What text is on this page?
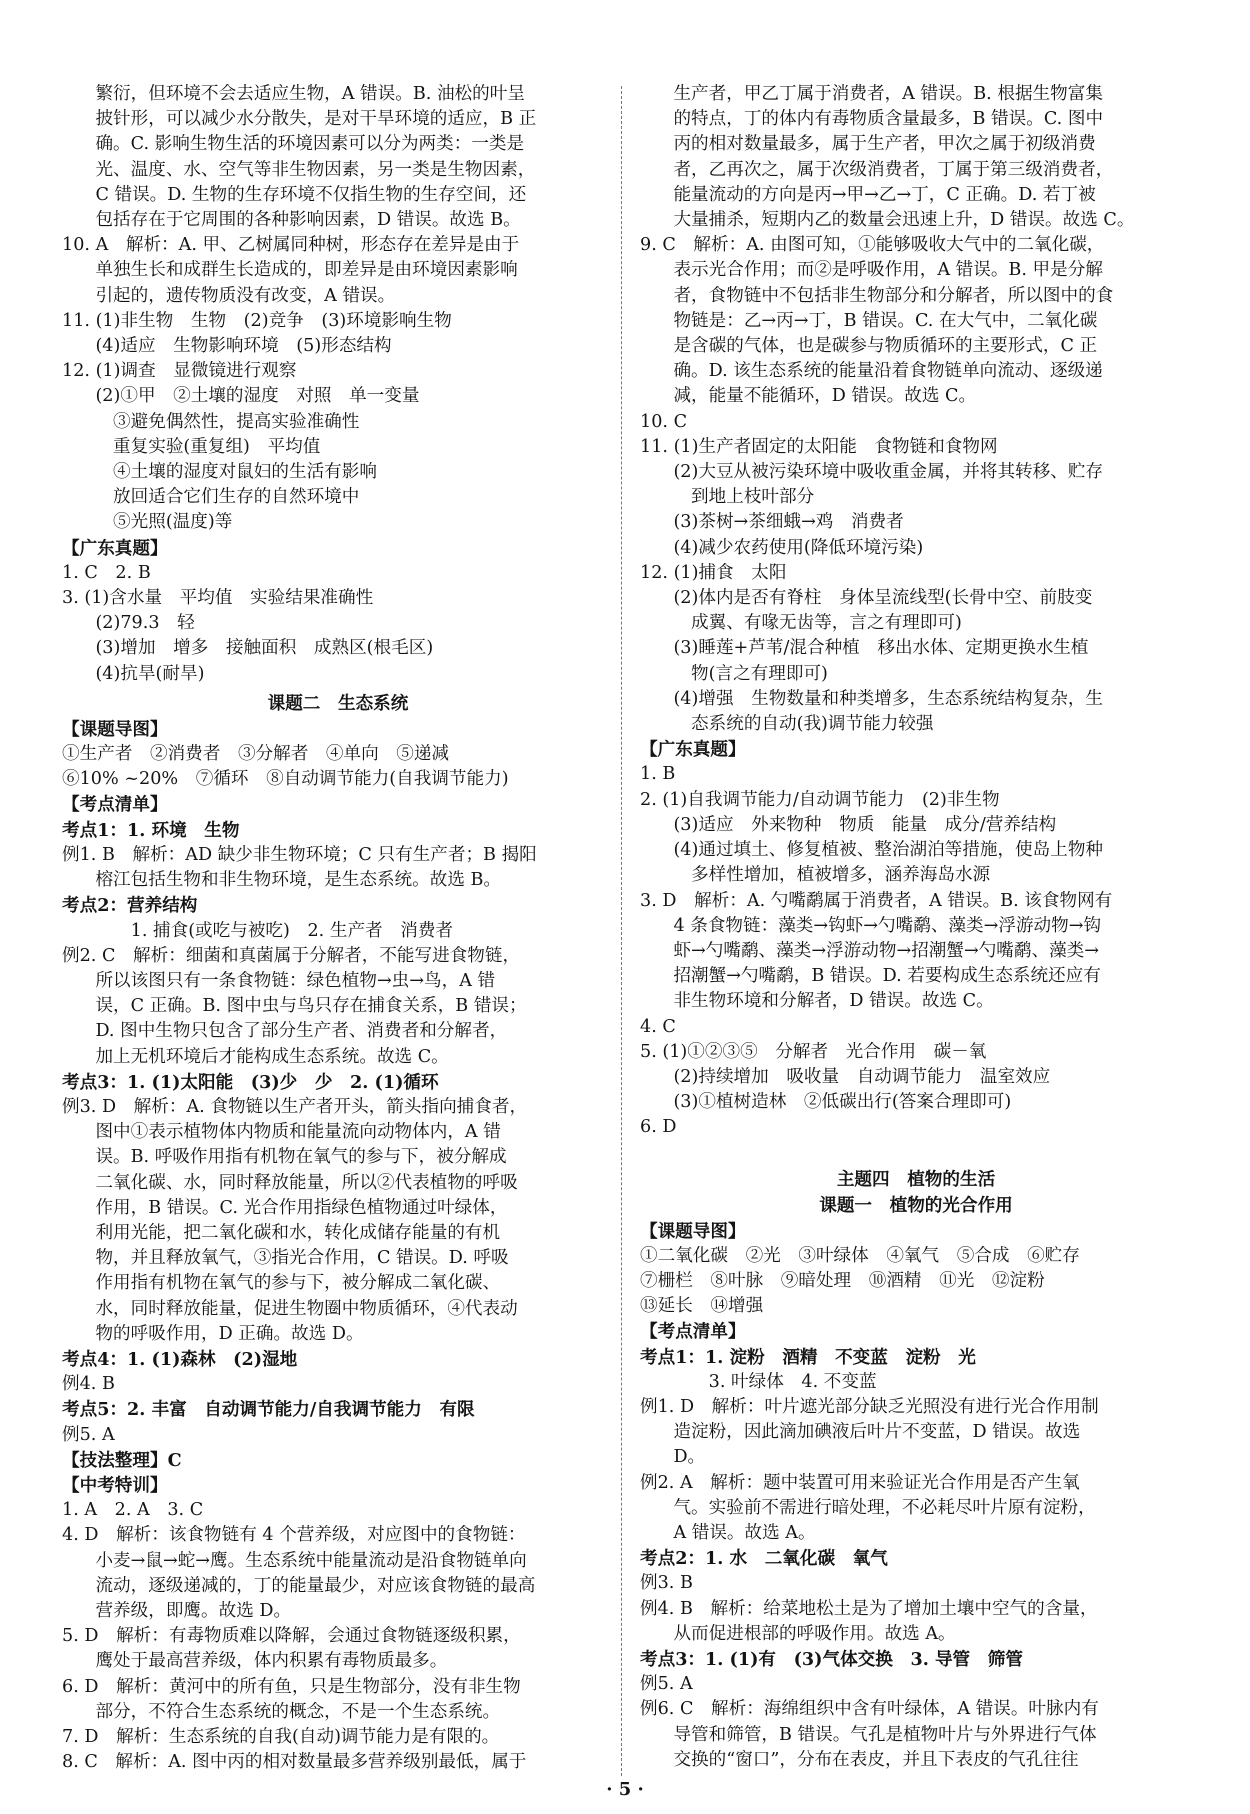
繁衍，但环境不会去适应生物，A 错误。B. 油松的叶呈

披针形，可以减少水分散失，是对干旱环境的适应，B 正

确。C. 影响生物生活的环境因素可以分为两类：一类是

光、温度、水、空气等非生物因素，另一类是生物因素，

C 错误。D. 生物的生存环境不仅指生物的生存空间，还

包括存在于它周围的各种影响因素，D 错误。故选 B。

10. A　解析：A. 甲、乙树属同种树，形态存在差异是由于

单独生长和成群生长造成的，即差异是由环境因素影响

引起的，遗传物质没有改变，A 错误。

11. (1)非生物　生物　(2)竞争　(3)环境影响生物

(4)适应　生物影响环境　(5)形态结构

12. (1)调查　显微镜进行观察

(2)①甲　②土壤的湿度　对照　单一变量

③避免偶然性，提高实验准确性

重复实验(重复组)　平均值

④土壤的湿度对鼠妇的生活有影响

放回适合它们生存的自然环境中

⑤光照(温度)等

【广东真题】

1. C　2. B

3. (1)含水量　平均值　实验结果准确性

(2)79.3　轻

(3)增加　增多　接触面积　成熟区(根毛区)

(4)抗旱(耐旱)

课题二　生态系统

【课题导图】

①生产者　②消费者　③分解者　④单向　⑤递减

⑥10% ~20%　⑦循环　⑧自动调节能力(自我调节能力)

【考点清单】

考点1：1. 环境　生物

例1. B　解析：AD 缺少非生物环境；C 只有生产者；B 揭阳

榕江包括生物和非生物环境，是生态系统。故选 B。

考点2：营养结构

1. 捕食(或吃与被吃)　2. 生产者　消费者

例2. C　解析：细菌和真菌属于分解者，不能写进食物链，

所以该图只有一条食物链：绿色植物→虫→鸟，A 错

误，C 正确。B. 图中虫与鸟只存在捕食关系，B 错误；

D. 图中生物只包含了部分生产者、消费者和分解者，

加上无机环境后才能构成生态系统。故选 C。

考点3：1. (1)太阳能　(3)少　少　2. (1)循环

例3. D　解析：A. 食物链以生产者开头，箭头指向捕食者，

图中①表示植物体内物质和能量流向动物体内，A 错

误。B. 呼吸作用指有机物在氧气的参与下，被分解成

二氧化碳、水，同时释放能量，所以②代表植物的呼吸

作用，B 错误。C. 光合作用指绿色植物通过叶绿体，

利用光能，把二氧化碳和水，转化成储存能量的有机

物，并且释放氧气，③指光合作用，C 错误。D. 呼吸

作用指有机物在氧气的参与下，被分解成二氧化碳、

水，同时释放能量，促进生物圈中物质循环，④代表动

物的呼吸作用，D 正确。故选 D。

考点4：1. (1)森林　(2)湿地

例4. B

考点5：2. 丰富　自动调节能力/自我调节能力　有限

例5. A

【技法整理】C

【中考特训】

1. A　2. A　3. C

4. D　解析：该食物链有 4 个营养级，对应图中的食物链：

小麦→鼠→蛇→鹰。生态系统中能量流动是沿食物链单向

流动，逐级递减的，丁的能量最少，对应该食物链的最高

营养级，即鹰。故选 D。

5. D　解析：有毒物质难以降解，会通过食物链逐级积累，

鹰处于最高营养级，体内积累有毒物质最多。

6. D　解析：黄河中的所有鱼，只是生物部分，没有非生物

部分，不符合生态系统的概念，不是一个生态系统。

7. D　解析：生态系统的自我(自动)调节能力是有限的。

8. C　解析：A. 图中丙的相对数量最多营养级别最低，属于

生产者，甲乙丁属于消费者，A 错误。B. 根据生物富集

的特点，丁的体内有毒物质含量最多，B 错误。C. 图中

丙的相对数量最多，属于生产者，甲次之属于初级消费

者，乙再次之，属于次级消费者，丁属于第三级消费者，

能量流动的方向是丙→甲→乙→丁，C 正确。D. 若丁被

大量捕杀，短期内乙的数量会迅速上升，D 错误。故选 C。

9. C　解析：A. 由图可知，①能够吸收大气中的二氧化碳，

表示光合作用；而②是呼吸作用，A 错误。B. 甲是分解

者，食物链中不包括非生物部分和分解者，所以图中的食

物链是：乙→丙→丁，B 错误。C. 在大气中，二氧化碳

是含碳的气体，也是碳参与物质循环的主要形式，C 正

确。D. 该生态系统的能量沿着食物链单向流动、逐级递

减，能量不能循环，D 错误。故选 C。

10. C

11. (1)生产者固定的太阳能　食物链和食物网

(2)大豆从被污染环境中吸收重金属，并将其转移、贮存

到地上枝叶部分

(3)茶树→茶细蛾→鸡　消费者

(4)减少农药使用(降低环境污染)

12. (1)捕食　太阳

(2)体内是否有脊柱　身体呈流线型(长骨中空、前肢变

成翼、有喙无齿等，言之有理即可)

(3)睡莲+芦苇/混合种植　移出水体、定期更换水生植

物(言之有理即可)

(4)增强　生物数量和种类增多，生态系统结构复杂，生

态系统的自动(我)调节能力较强

【广东真题】

1. B

2. (1)自我调节能力/自动调节能力　(2)非生物

(3)适应　外来物种　物质　能量　成分/营养结构

(4)通过填土、修复植被、整治湖泊等措施，使岛上物种

多样性增加，植被增多，涵养海岛水源

3. D　解析：A. 勺嘴鹬属于消费者，A 错误。B. 该食物网有

4 条食物链：藻类→钩虾→勺嘴鹬、藻类→浮游动物→钩

虾→勺嘴鹬、藻类→浮游动物→招潮蟹→勺嘴鹬、藻类→

招潮蟹→勺嘴鹬，B 错误。D. 若要构成生态系统还应有

非生物环境和分解者，D 错误。故选 C。

4. C

5. (1)①②③⑤　分解者　光合作用　碳－氧

(2)持续增加　吸收量　自动调节能力　温室效应

(3)①植树造林　②低碳出行(答案合理即可)

6. D

主题四　植物的生活

课题一　植物的光合作用

【课题导图】

①二氧化碳　②光　③叶绿体　④氧气　⑤合成　⑥贮存

⑦栅栏　⑧叶脉　⑨暗处理　⑩酒精　⑪光　⑫淀粉

⑬延长　⑭增强

【考点清单】

考点1：1. 淀粉　酒精　不变蓝　淀粉　光

3. 叶绿体　4. 不变蓝

例1. D　解析：叶片遮光部分缺乏光照没有进行光合作用制

造淀粉，因此滴加碘液后叶片不变蓝，D 错误。故选

D。

例2. A　解析：题中装置可用来验证光合作用是否产生氧

气。实验前不需进行暗处理，不必耗尽叶片原有淀粉，

A 错误。故选 A。

考点2：1. 水　二氧化碳　氧气

例3. B

例4. B　解析：给菜地松土是为了增加土壤中空气的含量，

从而促进根部的呼吸作用。故选 A。

考点3：1. (1)有　(3)气体交换　3. 导管　筛管

例5. A

例6. C　解析：海绵组织中含有叶绿体，A 错误。叶脉内有

导管和筛管，B 错误。气孔是植物叶片与外界进行气体

交换的“窗口”，分布在表皮，并且下表皮的气孔往往

· 5 ·
